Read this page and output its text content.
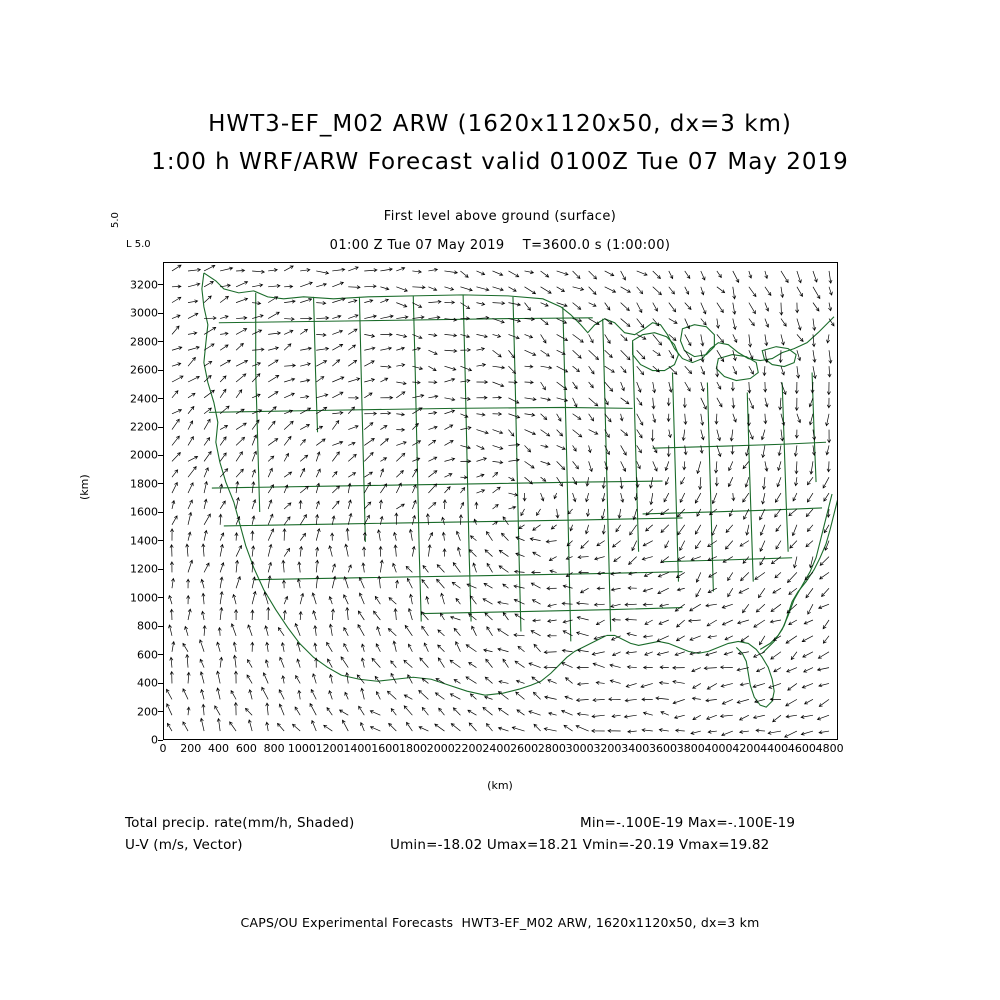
HWT3-EF_M02 ARW (1620x1120x50, dx=3 km)
1:00 h WRF/ARW Forecast valid 0100Z Tue 07 May 2019
First level above ground (surface)
01:00 Z Tue 07 May 2019    T=3600.0 s (1:00:00)
5.0
L 5.0
0
200
400
600
800
1000
1200
1400
1600
1800
2000
2200
2400
2600
2800
3000
3200
0 200 400 600 800 1000 1200 1400 1600 1800 2000 2200 2400 2600 2800 3000 3200 3400 3600 3800 4000 4200 4400 4600 4800
(km)
(km)

Total precip. rate(mm/h, Shaded)

	Min=-.100E-19 Max=-.100E-19

U-V (m/s, Vector)

	Umin=-18.02 Umax=18.21 Vmin=-20.19 Vmax=19.82

CAPS/OU Experimental Forecasts  HWT3-EF_M02 ARW, 1620x1120x50, dx=3 km
